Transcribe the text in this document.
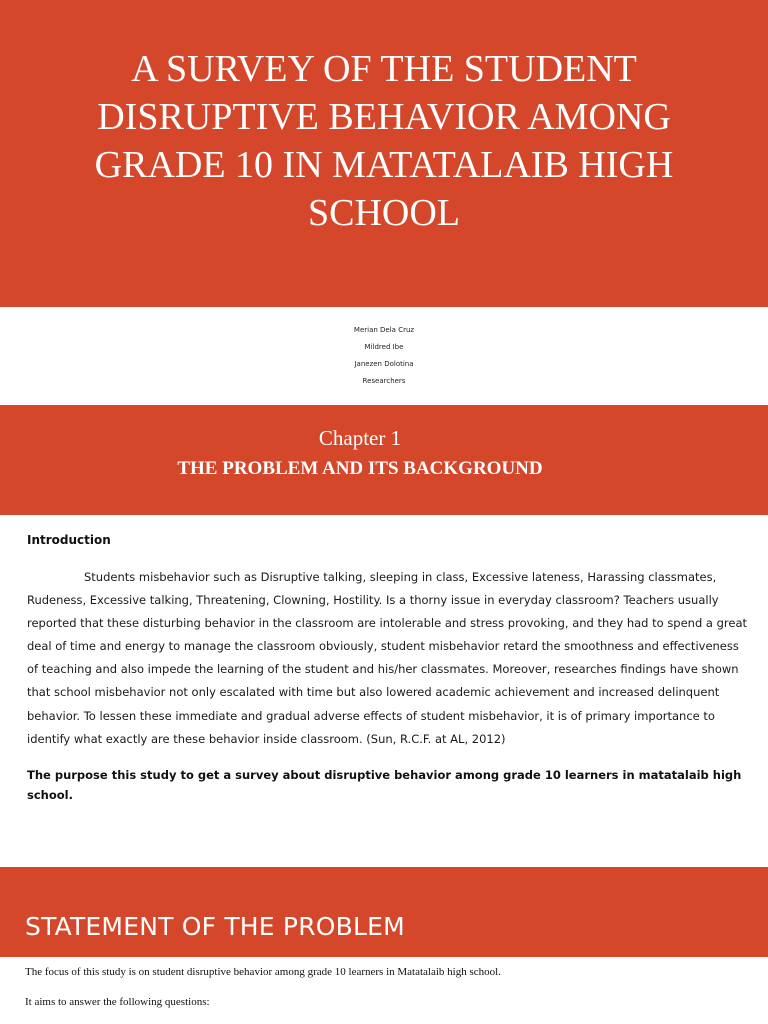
A SURVEY OF THE STUDENT DISRUPTIVE BEHAVIOR AMONG GRADE 10 IN MATATALAIB HIGH SCHOOL
Merian Dela Cruz
Mildred Ibe
Janezen Dolotina
Researchers
Chapter 1
THE PROBLEM AND ITS BACKGROUND
Introduction

Students misbehavior such as Disruptive talking, sleeping in class, Excessive lateness, Harassing classmates, Rudeness, Excessive talking, Threatening, Clowning, Hostility. Is a thorny issue in everyday classroom? Teachers usually reported that these disturbing behavior in the classroom are intolerable and stress provoking, and they had to spend a great deal of time and energy to manage the classroom obviously, student misbehavior retard the smoothness and effectiveness of teaching and also impede the learning of the student and his/her classmates. Moreover, researches findings have shown that school misbehavior not only escalated with time but also lowered academic achievement and increased delinquent behavior. To lessen these immediate and gradual adverse effects of student misbehavior, it is of primary importance to identify what exactly are these behavior inside classroom. (Sun, R.C.F. at AL, 2012)

The purpose this study to get a survey about disruptive behavior among grade 10 learners in matatalaib high school.

STATEMENT OF THE PROBLEM

The focus of this study is on student disruptive behavior among grade 10 learners in Matatalaib high school.

It aims to answer the following questions:
